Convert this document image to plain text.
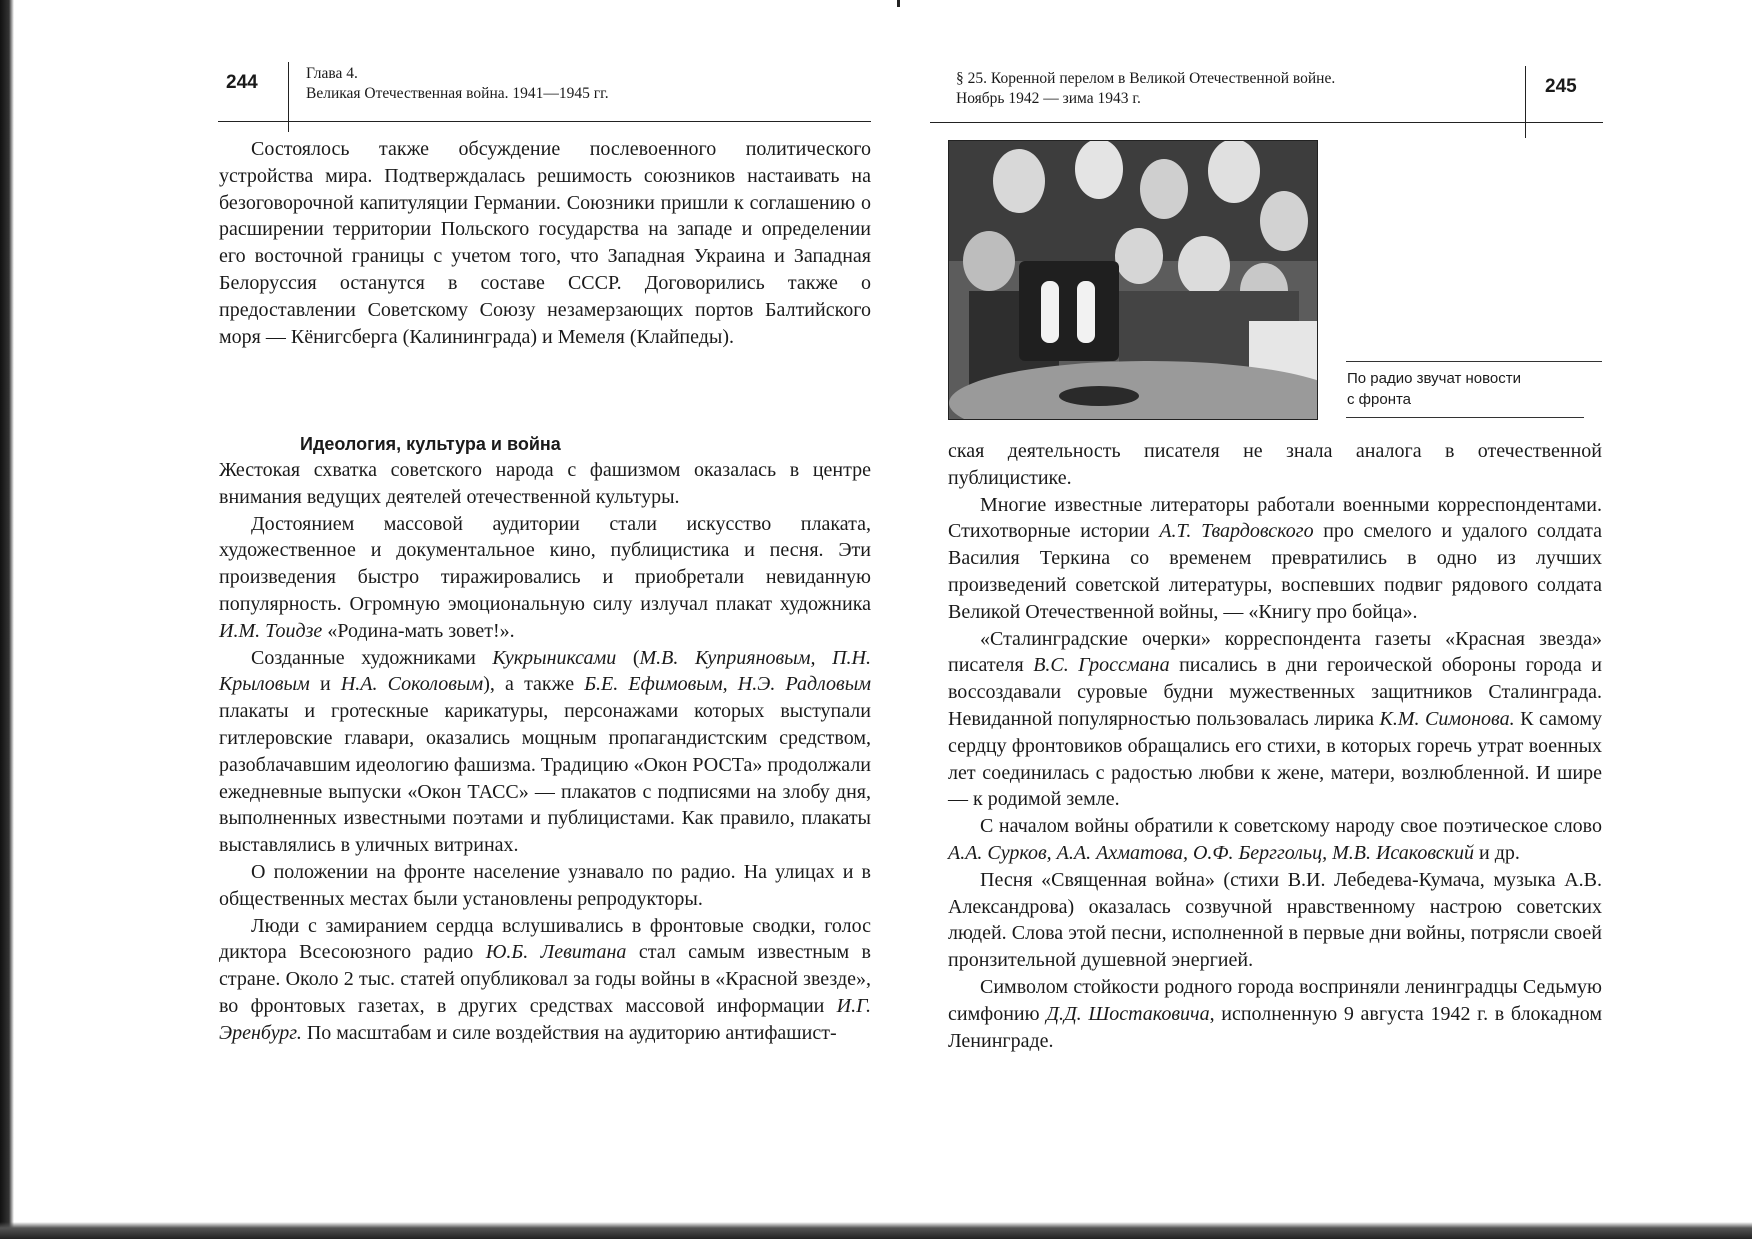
244	Глава 4.
Великая Отечественная война. 1941—1945 гг.

Состоялось также обсуждение послевоенного политического устройства мира. Подтверждалась решимость союзников настаивать на безоговорочной капитуляции Германии. Союзники пришли к соглашению о расширении территории Польского государства на западе и определении его восточной границы с учетом того, что Западная Украина и Западная Белоруссия останутся в составе СССР. Договорились также о предоставлении Советскому Союзу незамерзающих портов Балтийского моря — Кёнигсберга (Калининграда) и Мемеля (Клайпеды).

Идеология, культура и война

Жестокая схватка советского народа с фашизмом оказалась в центре внимания ведущих деятелей отечественной культуры.

Достоянием массовой аудитории стали искусство плаката, художественное и документальное кино, публицистика и песня. Эти произведения быстро тиражировались и приобретали невиданную популярность. Огромную эмоциональную силу излучал плакат художника И.М. Тоидзе «Родина-мать зовет!».

Созданные художниками Кукрыниксами (М.В. Куприяновым, П.Н. Крыловым и Н.А. Соколовым), а также Б.Е. Ефимовым, Н.Э. Радловым плакаты и гротескные карикатуры, персонажами которых выступали гитлеровские главари, оказались мощным пропагандистским средством, разоблачавшим идеологию фашизма. Традицию «Окон РОСТа» продолжали ежедневные выпуски «Окон ТАСС» — плакатов с подписями на злобу дня, выполненных известными поэтами и публицистами. Как правило, плакаты выставлялись в уличных витринах.

О положении на фронте население узнавало по радио. На улицах и в общественных местах были установлены репродукторы.

Люди с замиранием сердца вслушивались в фронтовые сводки, голос диктора Всесоюзного радио Ю.Б. Левитана стал самым известным в стране. Около 2 тыс. статей опубликовал за годы войны в «Красной звезде», во фронтовых газетах, в других средствах массовой информации И.Г. Эренбург. По масштабам и силе воздействия на аудиторию антифашист-

§ 25. Коренной перелом в Великой Отечественной войне.
Ноябрь 1942 — зима 1943 г.
245
По радио звучат новости
с фронта

ская деятельность писателя не знала аналога в отечественной публицистике.

Многие известные литераторы работали военными корреспондентами. Стихотворные истории А.Т. Твардовского про смелого и удалого солдата Василия Теркина со временем превратились в одно из лучших произведений советской литературы, воспевших подвиг рядового солдата Великой Отечественной войны, — «Книгу про бойца».

«Сталинградские очерки» корреспондента газеты «Красная звезда» писателя В.С. Гроссмана писались в дни героической обороны города и воссоздавали суровые будни мужественных защитников Сталинграда. Невиданной популярностью пользовалась лирика К.М. Симонова. К самому сердцу фронтовиков обращались его стихи, в которых горечь утрат военных лет соединилась с радостью любви к жене, матери, возлюбленной. И шире — к родимой земле.

С началом войны обратили к советскому народу свое поэтическое слово А.А. Сурков, А.А. Ахматова, О.Ф. Берггольц, М.В. Исаковский и др.

Песня «Священная война» (стихи В.И. Лебедева-Кумача, музыка А.В. Александрова) оказалась созвучной нравственному настрою советских людей. Слова этой песни, исполненной в первые дни войны, потрясли своей пронзительной душевной энергией.

Символом стойкости родного города восприняли ленинградцы Седьмую симфонию Д.Д. Шостаковича, исполненную 9 августа 1942 г. в блокадном Ленинграде.
